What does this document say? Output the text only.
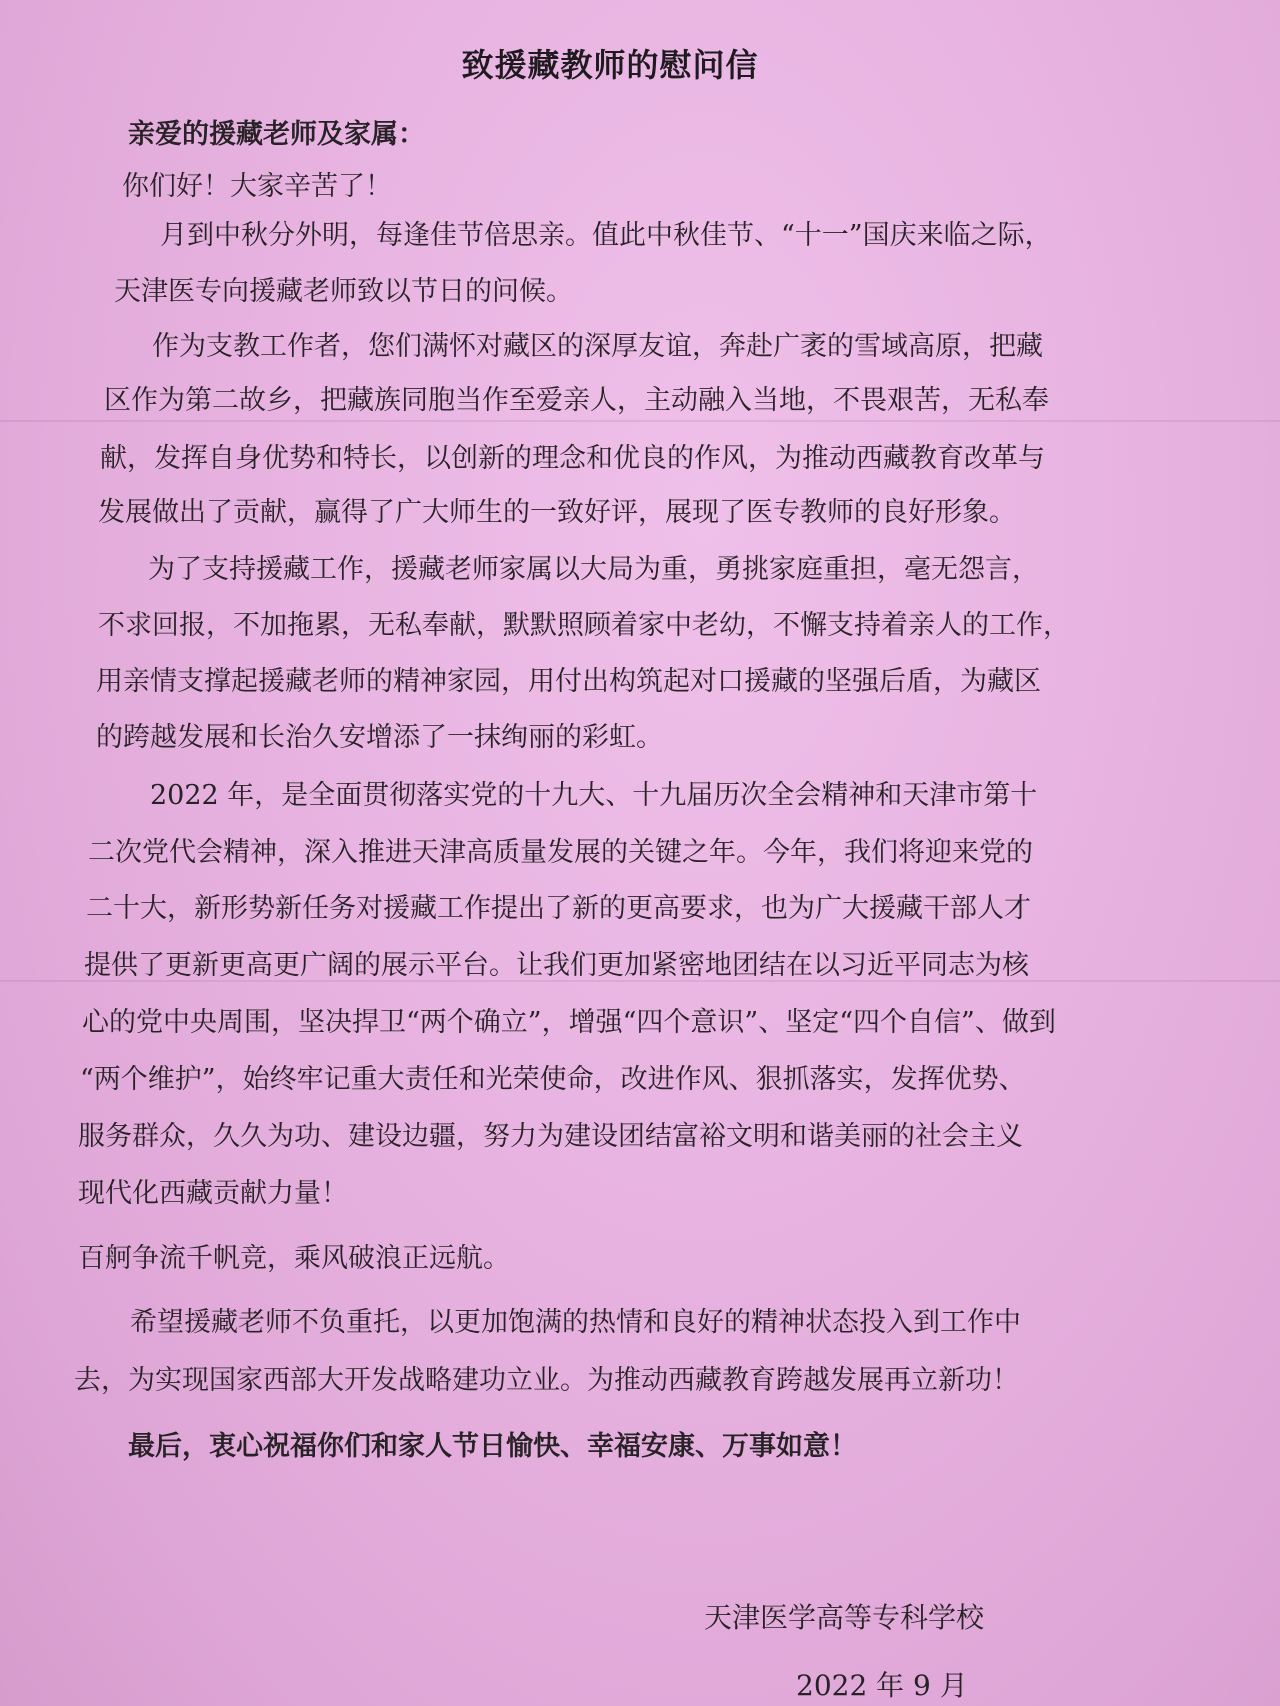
致援藏教师的慰问信
亲爱的援藏老师及家属：
你们好！大家辛苦了！
月到中秋分外明，每逢佳节倍思亲。值此中秋佳节、“十一”国庆来临之际，
天津医专向援藏老师致以节日的问候。
作为支教工作者，您们满怀对藏区的深厚友谊，奔赴广袤的雪域高原，把藏
区作为第二故乡，把藏族同胞当作至爱亲人，主动融入当地，不畏艰苦，无私奉
献，发挥自身优势和特长，以创新的理念和优良的作风，为推动西藏教育改革与
发展做出了贡献，赢得了广大师生的一致好评，展现了医专教师的良好形象。
为了支持援藏工作，援藏老师家属以大局为重，勇挑家庭重担，毫无怨言，
不求回报，不加拖累，无私奉献，默默照顾着家中老幼，不懈支持着亲人的工作，
用亲情支撑起援藏老师的精神家园，用付出构筑起对口援藏的坚强后盾，为藏区
的跨越发展和长治久安增添了一抹绚丽的彩虹。
2022 年，是全面贯彻落实党的十九大、十九届历次全会精神和天津市第十
二次党代会精神，深入推进天津高质量发展的关键之年。今年，我们将迎来党的
二十大，新形势新任务对援藏工作提出了新的更高要求，也为广大援藏干部人才
提供了更新更高更广阔的展示平台。让我们更加紧密地团结在以习近平同志为核
心的党中央周围，坚决捍卫“两个确立”，增强“四个意识”、坚定“四个自信”、做到
“两个维护”，始终牢记重大责任和光荣使命，改进作风、狠抓落实，发挥优势、
服务群众，久久为功、建设边疆，努力为建设团结富裕文明和谐美丽的社会主义
现代化西藏贡献力量！
百舸争流千帆竞，乘风破浪正远航。
希望援藏老师不负重托，以更加饱满的热情和良好的精神状态投入到工作中
去，为实现国家西部大开发战略建功立业。为推动西藏教育跨越发展再立新功！
最后，衷心祝福你们和家人节日愉快、幸福安康、万事如意！
天津医学高等专科学校
2022 年 9 月
